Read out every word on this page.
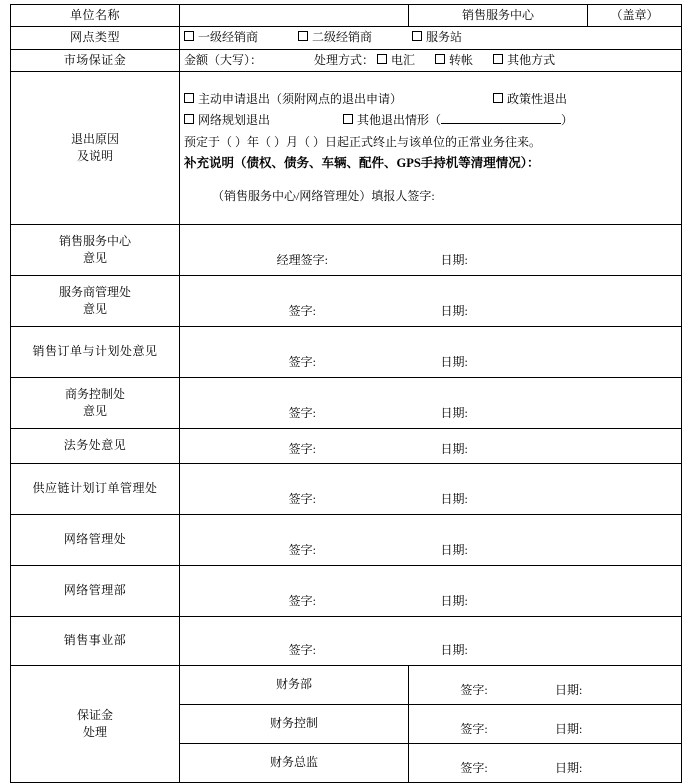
单位名称		销售服务中心	（盖章）
网点类型	一级经销商 二级经销商 服务站		
市场保证金	金额（大写）： 处理方式： 电汇 转帐 其他方式		
退出原因
及说明	主动申请退出（须附网点的退出申请） 政策性退出
网络规划退出 其他退出情形（ ）
预定于（ ）年（ ）月（ ）日起正式终止与该单位的正常业务往来。
补充说明（债权、债务、车辆、配件、GPS手持机等清理情况）：
（销售服务中心/网络管理处）填报人签字:		

销售服务中心
意见	经理签字:	日期:

服务商管理处
意见	签字:	日期:

销售订单与计划处意见	签字: 日期:		

商务控制处
意见	签字:	日期:

法务处意见	签字: 日期:		

供应链计划订单管理处	签字: 日期:		

网络管理处	签字: 日期:		

网络管理部	签字: 日期:		

销售事业部	签字: 日期:		

保证金
处理	财务部	签字:	日期:

	财务控制	签字: 日期:	

	财务总监	签字: 日期:	
